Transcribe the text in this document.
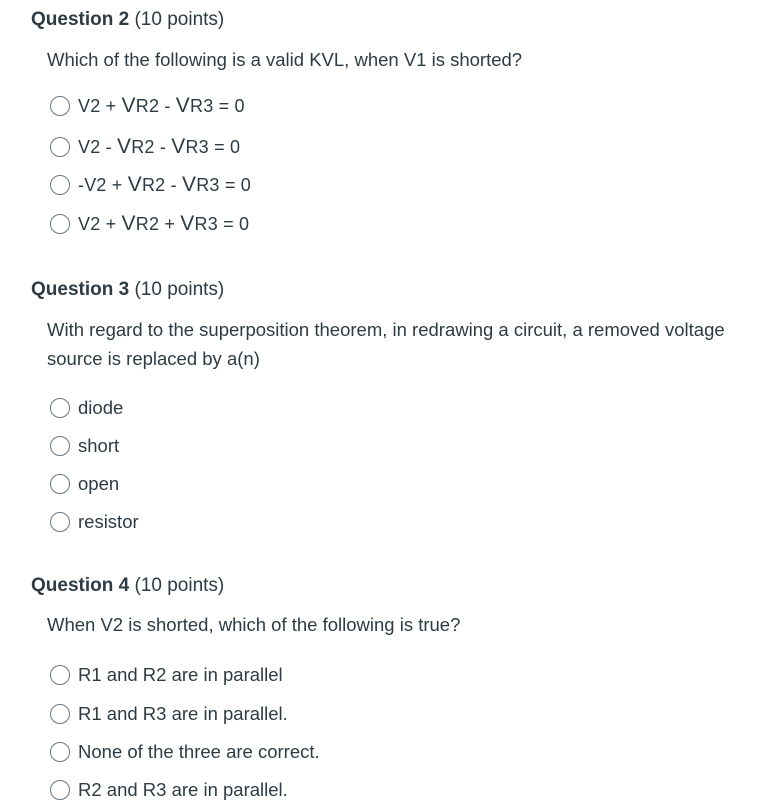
Question 2 (10 points)
Which of the following is a valid KVL, when V1 is shorted?
V2 + VR2 - VR3 = 0
V2 - VR2 - VR3 = 0
-V2 + VR2 - VR3 = 0
V2 + VR2 + VR3 = 0
Question 3 (10 points)
With regard to the superposition theorem, in redrawing a circuit, a removed voltage
source is replaced by a(n)
diode
short
open
resistor
Question 4 (10 points)
When V2 is shorted, which of the following is true?
R1 and R2 are in parallel
R1 and R3 are in parallel.
None of the three are correct.
R2 and R3 are in parallel.
